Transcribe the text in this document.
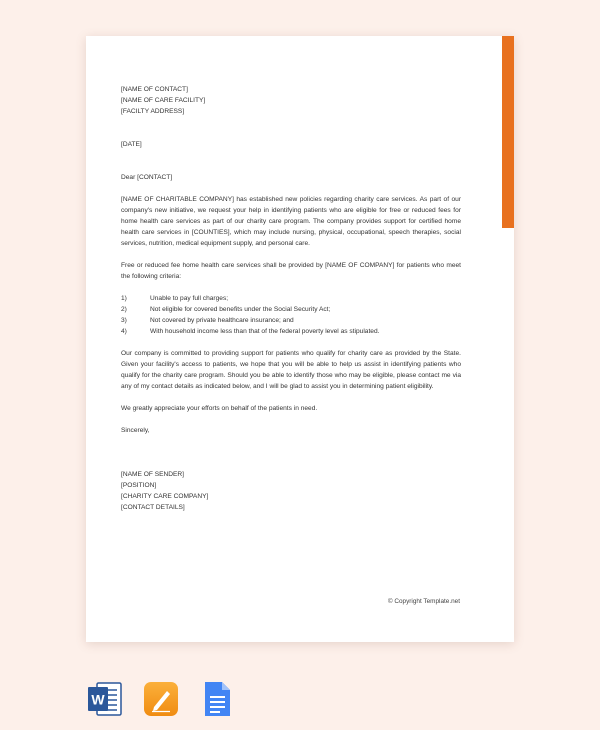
[NAME OF CONTACT]
[NAME OF CARE FACILITY]
[FACILTY ADDRESS]
[DATE]
Dear [CONTACT]

[NAME OF CHARITABLE COMPANY] has established new policies regarding charity care services. As part of our company's new initiative, we request your help in identifying patients who are eligible for free or reduced fees for home health care services as part of our charity care program. The company provides support for certified home health care services in [COUNTIES], which may include nursing, physical, occupational, speech therapies, social services, nutrition, medical equipment supply, and personal care.

Free or reduced fee home health care services shall be provided by [NAME OF COMPANY] for patients who meet the following criteria:

1)	Unable to pay full charges;
2)	Not eligible for covered benefits under the Social Security Act;
3)	Not covered by private healthcare insurance; and
4)	With household income less than that of the federal poverty level as stipulated.

Our company is committed to providing support for patients who qualify for charity care as provided by the State. Given your facility's access to patients, we hope that you will be able to help us assist in identifying patients who qualify for the charity care program. Should you be able to identify those who may be eligible, please contact me via any of my contact details as indicated below, and I will be glad to assist you in determining patient eligibility.

We greatly appreciate your efforts on behalf of the patients in need.

Sincerely,
[NAME OF SENDER]
[POSITION]
[CHARITY CARE COMPANY]
[CONTACT DETAILS]
© Copyright Template.net
W
